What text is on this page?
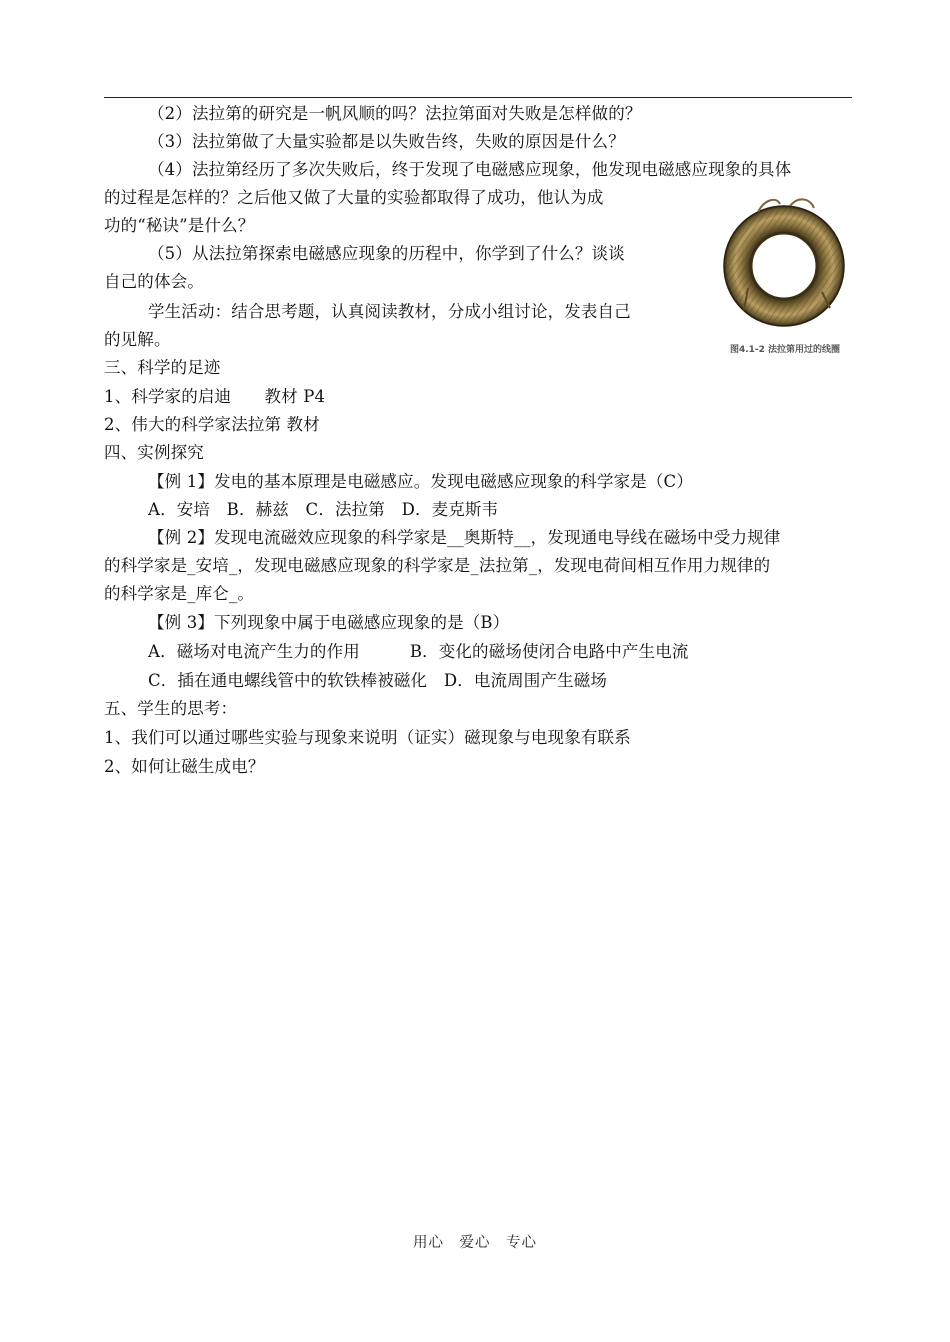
（2）法拉第的研究是一帆风顺的吗？法拉第面对失败是怎样做的？
（3）法拉第做了大量实验都是以失败告终，失败的原因是什么？
（4）法拉第经历了多次失败后，终于发现了电磁感应现象，他发现电磁感应现象的具体
的过程是怎样的？之后他又做了大量的实验都取得了成功，他认为成
功的“秘诀”是什么？
（5）从法拉第探索电磁感应现象的历程中，你学到了什么？谈谈
自己的体会。
学生活动：结合思考题，认真阅读教材，分成小组讨论，发表自己
的见解。
三、科学的足迹
1、科学家的启迪　　教材 P4
2、伟大的科学家法拉第 教材
四、实例探究
【例 1】发电的基本原理是电磁感应。发现电磁感应现象的科学家是（C）
A．安培　B．赫兹　C．法拉第　D．麦克斯韦
【例 2】发现电流磁效应现象的科学家是__奥斯特__，发现通电导线在磁场中受力规律
的科学家是_安培_，发现电磁感应现象的科学家是_法拉第_，发现电荷间相互作用力规律的
的科学家是_库仑_。
【例 3】下列现象中属于电磁感应现象的是（B）
A．磁场对电流产生力的作用　　　B．变化的磁场使闭合电路中产生电流
C．插在通电螺线管中的软铁棒被磁化　D．电流周围产生磁场
五、学生的思考：
1、我们可以通过哪些实验与现象来说明（证实）磁现象与电现象有联系
2、如何让磁生成电？
图4.1-2 法拉第用过的线圈
用心　爱心　专心
